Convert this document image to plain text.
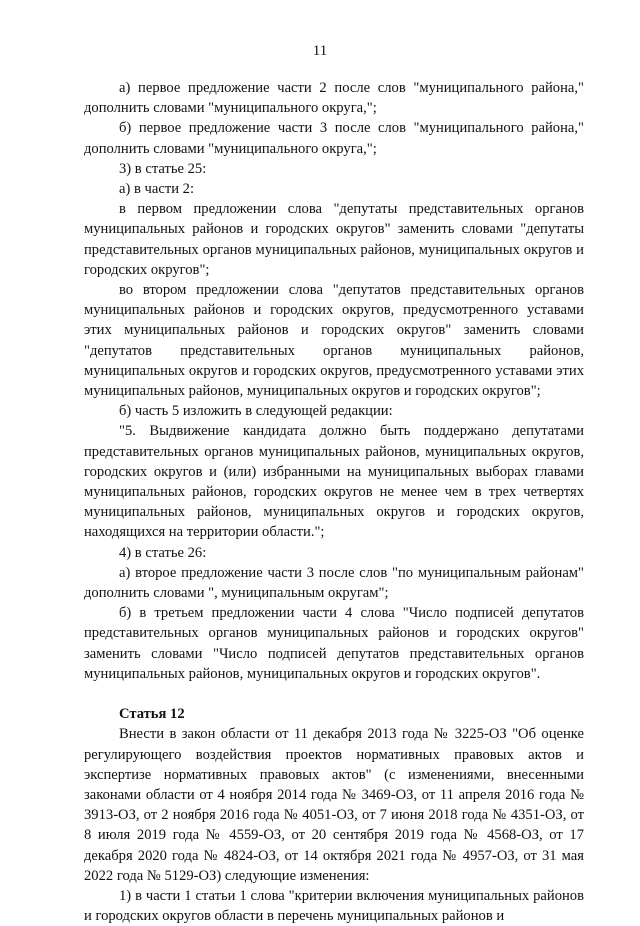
11

а) первое предложение части 2 после слов "муниципального района," дополнить словами "муниципального округа,";

б) первое предложение части 3 после слов "муниципального района," дополнить словами "муниципального округа,";

3) в статье 25:

а) в части 2:

в первом предложении слова "депутаты представительных органов муниципальных районов и городских округов" заменить словами "депутаты представительных органов муниципальных районов, муниципальных округов и городских округов";

во втором предложении слова "депутатов представительных органов муниципальных районов и городских округов, предусмотренного уставами этих муниципальных районов и городских округов" заменить словами "депутатов представительных органов муниципальных районов, муниципальных округов и городских округов, предусмотренного уставами этих муниципальных районов, муниципальных округов и городских округов";

б) часть 5 изложить в следующей редакции:

"5. Выдвижение кандидата должно быть поддержано депутатами представительных органов муниципальных районов, муниципальных округов, городских округов и (или) избранными на муниципальных выборах главами муниципальных районов, городских округов не менее чем в трех четвертях муниципальных районов, муниципальных округов и городских округов, находящихся на территории области.";

4) в статье 26:

а) второе предложение части 3 после слов "по муниципальным районам" дополнить словами ", муниципальным округам";

б) в третьем предложении части 4 слова "Число подписей депутатов представительных органов муниципальных районов и городских округов" заменить словами "Число подписей депутатов представительных органов муниципальных районов, муниципальных округов и городских округов".

Статья 12

Внести в закон области от 11 декабря 2013 года № 3225-ОЗ "Об оценке регулирующего воздействия проектов нормативных правовых актов и экспертизе нормативных правовых актов" (с изменениями, внесенными законами области от 4 ноября 2014 года № 3469-ОЗ, от 11 апреля 2016 года № 3913-ОЗ, от 2 ноября 2016 года № 4051-ОЗ, от 7 июня 2018 года № 4351-ОЗ, от 8 июля 2019 года № 4559-ОЗ, от 20 сентября 2019 года № 4568-ОЗ, от 17 декабря 2020 года № 4824-ОЗ, от 14 октября 2021 года № 4957-ОЗ, от 31 мая 2022 года № 5129-ОЗ) следующие изменения:

1) в части 1 статьи 1 слова "критерии включения муниципальных районов и городских округов области в перечень муниципальных районов и
